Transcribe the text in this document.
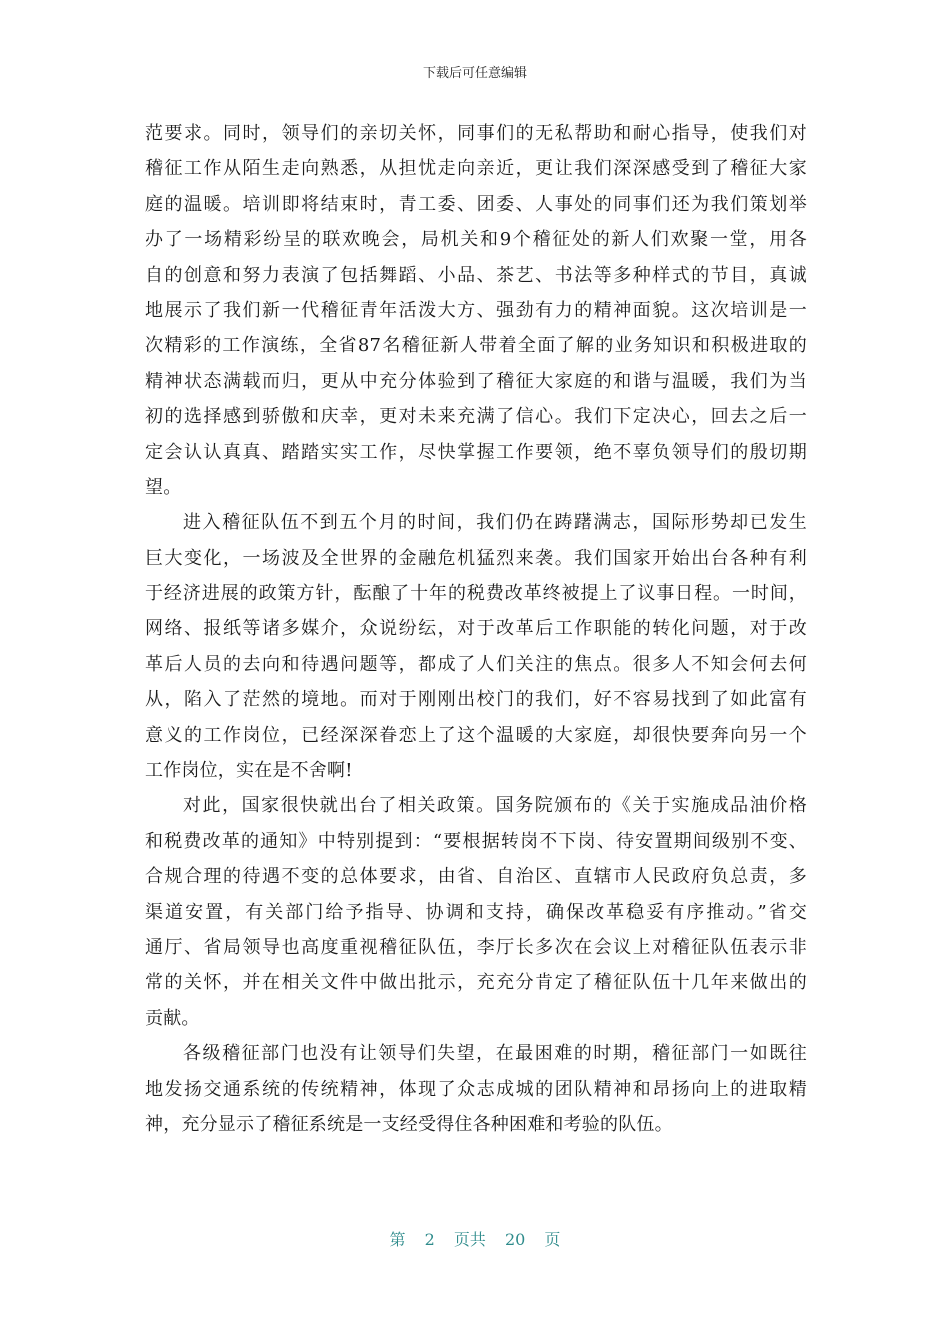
下载后可任意编辑
范要求。同时，领导们的亲切关怀，同事们的无私帮助和耐心指导，使我们对
稽征工作从陌生走向熟悉，从担忧走向亲近，更让我们深深感受到了稽征大家
庭的温暖。培训即将结束时，青工委、团委、人事处的同事们还为我们策划举
办了一场精彩纷呈的联欢晚会，局机关和9个稽征处的新人们欢聚一堂，用各
自的创意和努力表演了包括舞蹈、小品、茶艺、书法等多种样式的节目，真诚
地展示了我们新一代稽征青年活泼大方、强劲有力的精神面貌。这次培训是一
次精彩的工作演练，全省87名稽征新人带着全面了解的业务知识和积极进取的
精神状态满载而归，更从中充分体验到了稽征大家庭的和谐与温暖，我们为当
初的选择感到骄傲和庆幸，更对未来充满了信心。我们下定决心，回去之后一
定会认认真真、踏踏实实工作，尽快掌握工作要领，绝不辜负领导们的殷切期
望。
进入稽征队伍不到五个月的时间，我们仍在踌躇满志，国际形势却已发生
巨大变化，一场波及全世界的金融危机猛烈来袭。我们国家开始出台各种有利
于经济进展的政策方针，酝酿了十年的税费改革终被提上了议事日程。一时间，
网络、报纸等诸多媒介，众说纷纭，对于改革后工作职能的转化问题，对于改
革后人员的去向和待遇问题等，都成了人们关注的焦点。很多人不知会何去何
从，陷入了茫然的境地。而对于刚刚出校门的我们，好不容易找到了如此富有
意义的工作岗位，已经深深眷恋上了这个温暖的大家庭，却很快要奔向另一个
工作岗位，实在是不舍啊!
对此，国家很快就出台了相关政策。国务院颁布的《关于实施成品油价格
和税费改革的通知》中特别提到：“要根据转岗不下岗、待安置期间级别不变、
合规合理的待遇不变的总体要求，由省、自治区、直辖市人民政府负总责，多
渠道安置，有关部门给予指导、协调和支持，确保改革稳妥有序推动。”省交
通厅、省局领导也高度重视稽征队伍，李厅长多次在会议上对稽征队伍表示非
常的关怀，并在相关文件中做出批示，充充分肯定了稽征队伍十几年来做出的
贡献。
各级稽征部门也没有让领导们失望，在最困难的时期，稽征部门一如既往
地发扬交通系统的传统精神，体现了众志成城的团队精神和昂扬向上的进取精
神，充分显示了稽征系统是一支经受得住各种困难和考验的队伍。
第 2 页共 20 页
